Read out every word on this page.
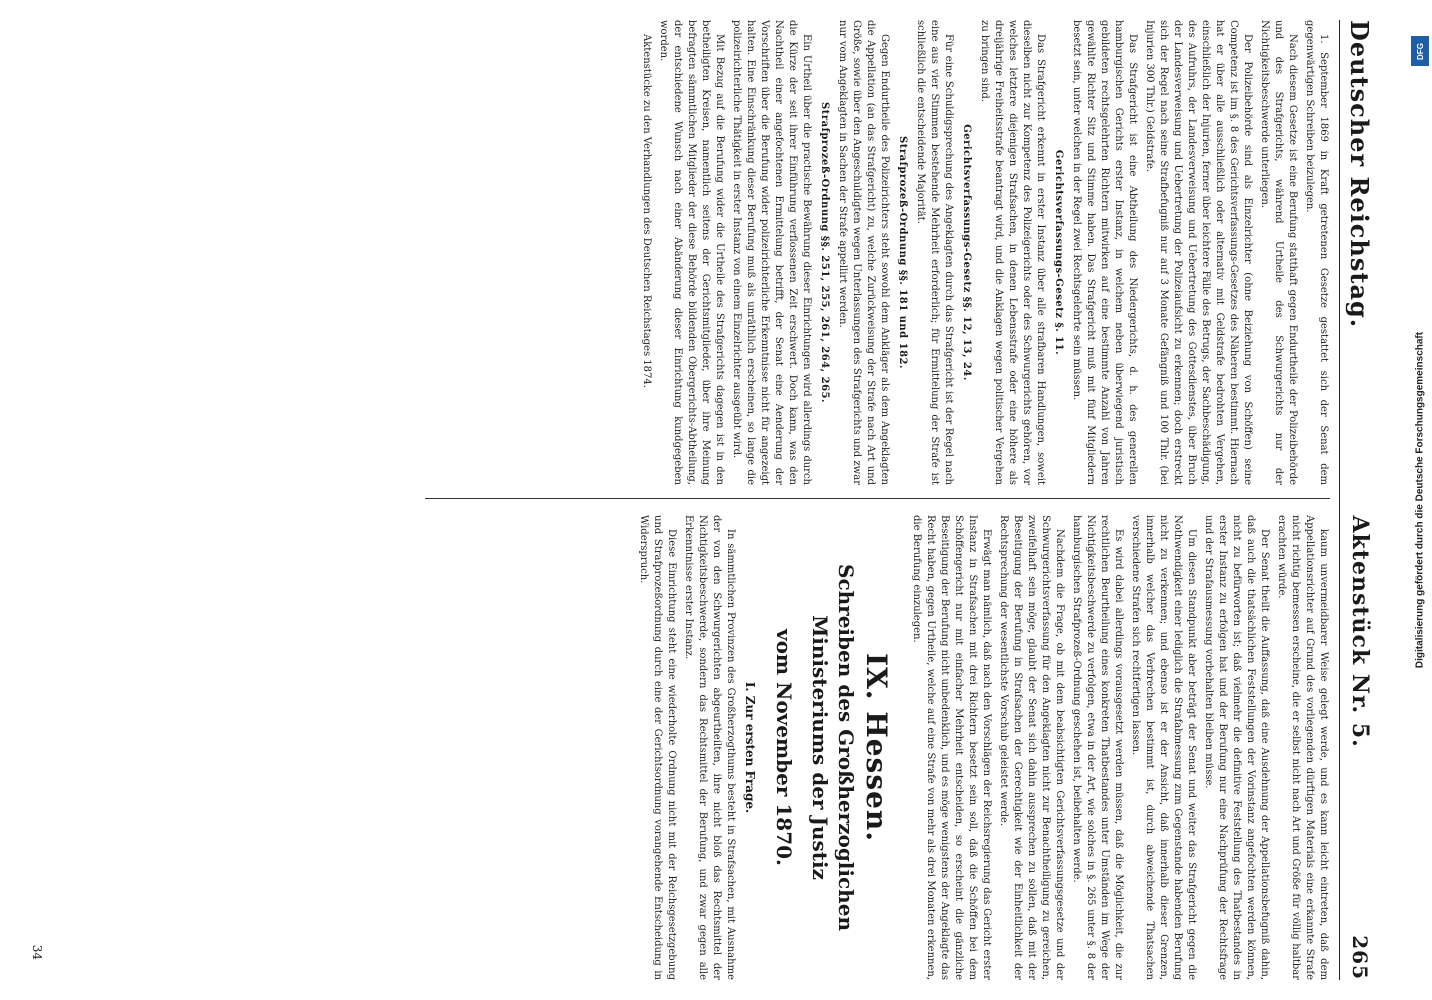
Deutscher Reichstag.
Aktenstück Nr. 5.
265

1. September 1869 in Kraft getretenen Gesetze gestattet sich der Senat dem gegenwärtigen Schreiben beizulegen.

Nach diesem Gesetze ist eine Berufung statthaft gegen Endurtheile der Polizeibehörde und des Strafgerichts, während Urtheile des Schwurgerichts nur der Nichtigkeitsbeschwerde unterliegen.

Der Polizeibehörde sind als Einzelrichter (ohne Beiziehung von Schöffen) seine Competenz ist im §. 8 des Gerichtsverfassungs-Gesetzes des Näheren bestimmt. Hiernach hat er über alle ausschließlich oder alternativ mit Geldstrafe bedrohten Vergehen, einschließlich der Injurien, ferner über leichtere Fälle des Betrugs, der Sachbeschädigung, des Aufruhrs, der Landesverweisung und Uebertretung des Gottesdienstes, über Bruch der Landesverweisung und Uebertretung der Polizeiaufsicht zu erkennen; doch erstreckt sich der Regel nach seine Strafbefugniß nur auf 3 Monate Gefängniß und 100 Thlr. (bei Injurien 300 Thlr.) Geldstrafe.

Das Strafgericht ist eine Abtheilung des Niedergerichts, d. h. des generellen hamburgischen Gerichts erster Instanz, in welchem neben überwiegend juristisch gebildeten rechtsgelehrten Richtern mitwirken auf eine bestimmte Anzahl von Jahren gewählte Richter Sitz und Stimme haben. Das Strafgericht muß mit fünf Mitgliedern besetzt sein, unter welchen in der Regel zwei Rechtsgelehrte sein müssen.

Gerichtsverfassungs-Gesetz §. 11.

Das Strafgericht erkennt in erster Instanz über alle strafbaren Handlungen, soweit dieselben nicht zur Kompetenz des Polizeigerichts oder des Schwurgerichts gehören, vor welches letztere diejenigen Strafsachen, in denen Lebensstrafe oder eine höhere als dreijährige Freiheitsstrafe beantragt wird, und die Anklagen wegen politischer Vergehen zu bringen sind.

Gerichtsverfassungs-Gesetz §§. 12, 13, 24.

Für eine Schuldigsprechung des Angeklagten durch das Strafgericht ist der Regel nach eine aus vier Stimmen bestehende Mehrheit erforderlich; für Ermittelung der Strafe ist schließlich die entscheidende Majorität.

Strafprozeß-Ordnung §§. 181 und 182.

Gegen Endurtheile des Polizeirichters steht sowohl dem Ankläger als dem Angeklagten die Appellation (an das Strafgericht) zu, welche Zurückweisung der Strafe nach Art und Größe, sowie über den Angeschuldigten wegen Unterlassungen des Strafgerichts und zwar nur vom Angeklagten in Sachen der Strafe appellirt werden.

Strafprozeß-Ordnung §§. 251, 255, 261, 264, 265.

Ein Urtheil über die practische Bewährung dieser Einrichtungen wird allerdings durch die Kürze der seit ihrer Einführung verflossenen Zeit erschwert. Doch kann, was den Nachtheil einer angefochtenen Ermittelung betrifft, der Senat eine Aenderung der Vorschriften über die Berufung wider polizeirichterliche Erkenntnisse nicht für angezeigt halten. Eine Einschränkung dieser Berufung muß als unräthlich erscheinen, so lange die polizeirichterliche Thätigkeit in erster Instanz von einem Einzelrichter ausgeübt wird.

Mit Bezug auf die Berufung wider die Urtheile des Strafgerichts dagegen ist in den betheiligten Kreisen, namentlich seitens der Gerichtsmitglieder, über ihre Meinung befragten sämmtlichen Mitglieder der diese Behörde bildenden Obergerichts-Abtheilung, der entschiedene Wunsch nach einer Abänderung dieser Einrichtung kundgegeben worden.

Aktenstücke zu den Verhandlungen des Deutschen Reichstages 1874.

kaum unvermeidbarer Weise gelegt werde, und es kann leicht eintreten, daß dem Appellationsrichter auf Grund des vorliegenden dürftigen Materials eine erkannte Strafe nicht richtig bemessen erscheine, die er selbst nicht nach Art und Größe für völlig haltbar erachten würde.

Der Senat theilt die Auffassung, daß eine Ausdehnung der Appellationsbefugniß dahin, daß auch die thatsächlichen Feststellungen der Vorinstanz angefochten werden können, nicht zu befürworten ist; daß vielmehr die definitive Feststellung des Thatbestandes in erster Instanz zu erfolgen hat und der Berufung nur eine Nachprüfung der Rechtsfrage und der Strafausmessung vorbehalten bleiben müsse.

Um diesen Standpunkt aber beträgt der Senat und weiter das Strafgericht gegen die Nothwendigkeit einer lediglich die Strafabmessung zum Gegenstande habenden Berufung nicht zu verkennen; und ebenso ist er der Ansicht, daß innerhalb dieser Grenzen, innerhalb welcher das Verbrechen bestimmt ist, durch abweichende Thatsachen verschiedene Strafen sich rechtfertigen lassen.

Es wird dabei allerdings vorausgesetzt werden müssen, daß die Möglichkeit, die zur rechtlichen Beurtheilung eines konkreten Thatbestandes unter Umständen im Wege der Nichtigkeitsbeschwerde zu verfolgen, etwa in der Art, wie solches in §. 265 unter §. 8 der hamburgischen Strafprozeß-Ordnung geschehen ist, beibehalten werde.

Nachdem die Frage, ob mit dem beabsichtigten Gerichtsverfassungsgesetze und der Schwurgerichtsverfassung für den Angeklagten nicht zur Benachtheiligung zu gereichen, zweifelhaft sein möge, glaubt der Senat sich dahin aussprechen zu sollen, daß mit der Beseitigung der Berufung in Strafsachen der Gerechtigkeit wie der Einheitlichkeit der Rechtsprechung der wesentlichste Vorschub geleistet werde.

Erwägt man nämlich, daß nach den Vorschlägen der Reichsregierung das Gericht erster Instanz in Strafsachen mit drei Richtern besetzt sein soll, daß die Schöffen bei dem Schöffengericht nur mit einfacher Mehrheit entscheiden, so erscheint die gänzliche Beseitigung der Berufung nicht unbedenklich, und es möge wenigstens der Angeklagte das Recht haben, gegen Urtheile, welche auf eine Strafe von mehr als drei Monaten erkennen, die Berufung einzulegen.

IX. Hessen.
Schreiben des Großherzoglichen Ministeriums der Justiz
vom November 1870.
I. Zur ersten Frage.

In sämmtlichen Provinzen des Großherzogthums besteht in Strafsachen, mit Ausnahme der von den Schwurgerichten abgeurtheilten, ihre nicht bloß das Rechtsmittel der Nichtigkeitsbeschwerde, sondern das Rechtsmittel der Berufung, und zwar gegen alle Erkenntnisse erster Instanz.

Diese Einrichtung steht eine wiederholte Ordnung nicht mit der Reichsgesetzgebung und Strafprozeßordnung durch eine der Gerichtsordnung vorangehende Entscheidung in Widerspruch.

34
DFG
Digitalisierung gefördert durch die Deutsche Forschungsgemeinschaft
